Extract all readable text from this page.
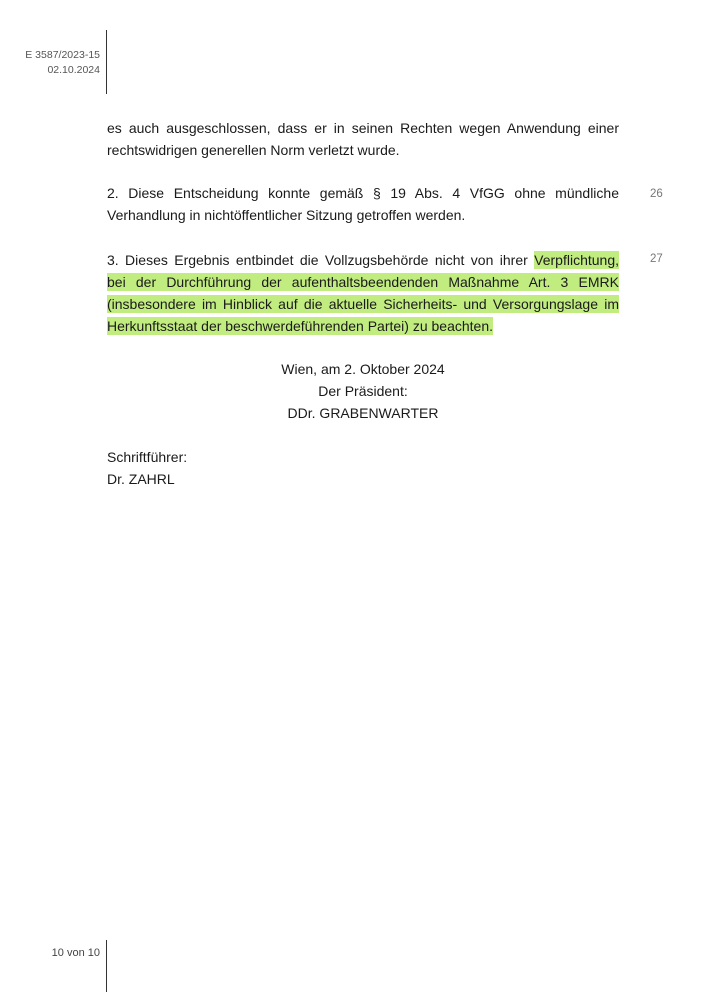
E 3587/2023-15
02.10.2024

es auch ausgeschlossen, dass er in seinen Rechten wegen Anwendung einer rechtswidrigen generellen Norm verletzt wurde.

2. Diese Entscheidung konnte gemäß § 19 Abs. 4 VfGG ohne mündliche Verhandlung in nichtöffentlicher Sitzung getroffen werden.

26

3. Dieses Ergebnis entbindet die Vollzugsbehörde nicht von ihrer Verpflichtung, bei der Durchführung der aufenthaltsbeendenden Maßnahme Art. 3 EMRK (insbesondere im Hinblick auf die aktuelle Sicherheits- und Versorgungslage im Herkunftsstaat der beschwerdeführenden Partei) zu beachten.

27
Wien, am 2. Oktober 2024
Der Präsident:
DDr. GRABENWARTER
Schriftführer:
Dr. ZAHRL
10 von 10
